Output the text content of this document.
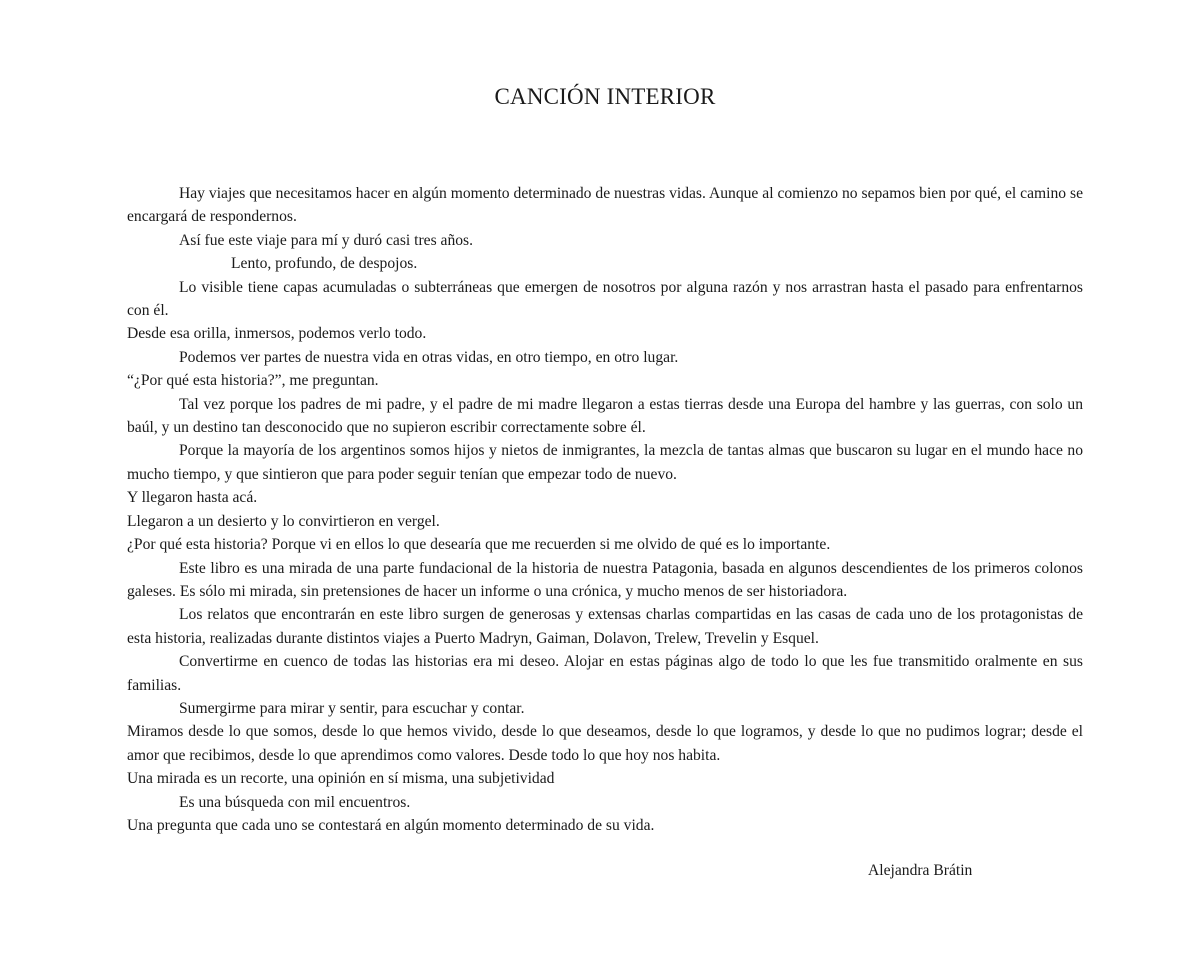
CANCIÓN INTERIOR

Hay viajes que necesitamos hacer en algún momento determinado de nuestras vidas. Aunque al comienzo no sepamos bien por qué, el camino se encargará de respondernos.

Así fue este viaje para mí y duró casi tres años.

Lento, profundo, de despojos.

Lo visible tiene capas acumuladas o subterráneas que emergen de nosotros por alguna razón y nos arrastran hasta el pasado para enfrentarnos con él.

Desde esa orilla, inmersos, podemos verlo todo.

Podemos ver partes de nuestra vida en otras vidas, en otro tiempo, en otro lugar.

“¿Por qué esta historia?”, me preguntan.

Tal vez porque los padres de mi padre, y el padre de mi madre llegaron a estas tierras desde una Europa del hambre y las guerras, con solo un baúl, y un destino tan desconocido que no supieron escribir correctamente sobre él.

Porque la mayoría de los argentinos somos hijos y nietos de inmigrantes, la mezcla de tantas almas que buscaron su lugar en el mundo hace no mucho tiempo, y que sintieron que para poder seguir tenían que empezar todo de nuevo.

Y llegaron hasta acá.

Llegaron a un desierto y lo convirtieron en vergel.

¿Por qué esta historia? Porque vi en ellos lo que desearía que me recuerden si me olvido de qué es lo importante.

Este libro es una mirada de una parte fundacional de la historia de nuestra Patagonia, basada en algunos descendientes de los primeros colonos galeses. Es sólo mi mirada, sin pretensiones de hacer un informe o una crónica, y mucho menos de ser historiadora.

Los relatos que encontrarán en este libro surgen de generosas y extensas charlas compartidas en las casas de cada uno de los protagonistas de esta historia, realizadas durante distintos viajes a Puerto Madryn, Gaiman, Dolavon, Trelew, Trevelin y Esquel.

Convertirme en cuenco de todas las historias era mi deseo. Alojar en estas páginas algo de todo lo que les fue transmitido oralmente en sus familias.

Sumergirme para mirar y sentir, para escuchar y contar.

Miramos desde lo que somos, desde lo que hemos vivido, desde lo que deseamos, desde lo que logramos, y desde lo que no pudimos lograr; desde el amor que recibimos, desde lo que aprendimos como valores. Desde todo lo que hoy nos habita.

Una mirada es un recorte, una opinión en sí misma, una subjetividad

Es una búsqueda con mil encuentros.

Una pregunta que cada uno se contestará en algún momento determinado de su vida.

Alejandra Brátin
